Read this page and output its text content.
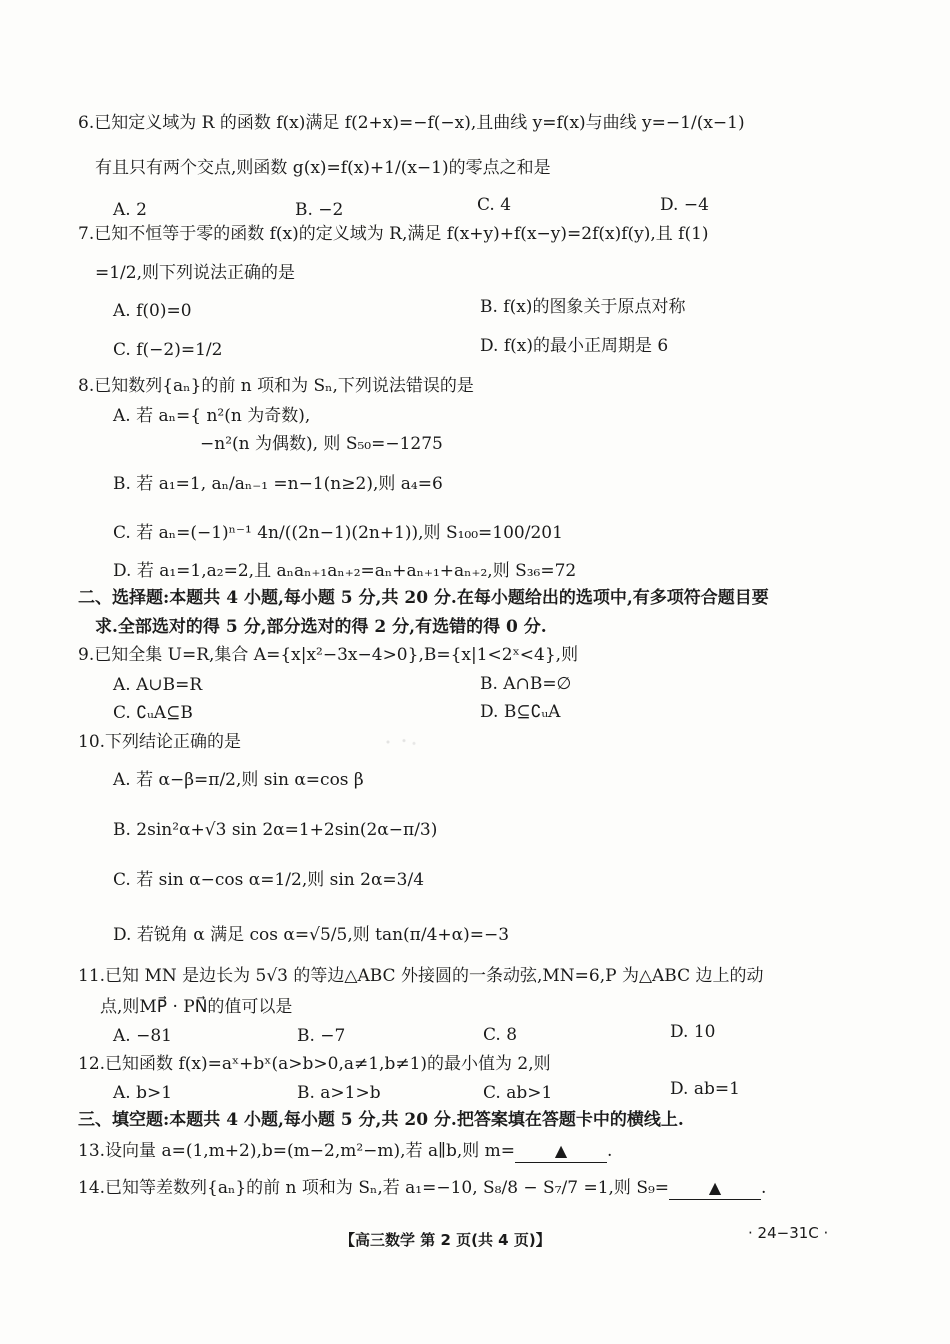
6.已知定义域为 R 的函数 f(x)满足 f(2+x)=−f(−x),且曲线 y=f(x)与曲线 y=−1/(x−1)
有且只有两个交点,则函数 g(x)=f(x)+1/(x−1)的零点之和是
A. 2	B. −2	C. 4	D. −4
7.已知不恒等于零的函数 f(x)的定义域为 R,满足 f(x+y)+f(x−y)=2f(x)f(y),且 f(1)
=1/2,则下列说法正确的是
A. f(0)=0	B. f(x)的图象关于原点对称
C. f(−2)=1/2	D. f(x)的最小正周期是 6
8.已知数列{aₙ}的前 n 项和为 Sₙ,下列说法错误的是
A. 若 aₙ={ n²(n 为奇数),
−n²(n 为偶数), 则 S₅₀=−1275
B. 若 a₁=1, aₙ/aₙ₋₁ =n−1(n≥2),则 a₄=6
C. 若 aₙ=(−1)ⁿ⁻¹ 4n/((2n−1)(2n+1)),则 S₁₀₀=100/201
D. 若 a₁=1,a₂=2,且 aₙaₙ₊₁aₙ₊₂=aₙ+aₙ₊₁+aₙ₊₂,则 S₃₆=72
二、选择题:本题共 4 小题,每小题 5 分,共 20 分.在每小题给出的选项中,有多项符合题目要
求.全部选对的得 5 分,部分选对的得 2 分,有选错的得 0 分.
9.已知全集 U=R,集合 A={x|x²−3x−4>0},B={x|1<2ˣ<4},则
A. A∪B=R	B. A∩B=∅
C. ∁ᵤA⊆B	D. B⊆∁ᵤA
10.下列结论正确的是
A. 若 α−β=π/2,则 sin α=cos β
B. 2sin²α+√3 sin 2α=1+2sin(2α−π/3)
C. 若 sin α−cos α=1/2,则 sin 2α=3/4
D. 若锐角 α 满足 cos α=√5/5,则 tan(π/4+α)=−3
11.已知 MN 是边长为 5√3 的等边△ABC 外接圆的一条动弦,MN=6,P 为△ABC 边上的动
点,则MP⃗ · PN⃗的值可以是
A. −81	B. −7	C. 8	D. 10
12.已知函数 f(x)=aˣ+bˣ(a>b>0,a≠1,b≠1)的最小值为 2,则
A. b>1	B. a>1>b	C. ab>1	D. ab=1
三、填空题:本题共 4 小题,每小题 5 分,共 20 分.把答案填在答题卡中的横线上.
13.设向量 a=(1,m+2),b=(m−2,m²−m),若 a∥b,则 m= ▲ .
14.已知等差数列{aₙ}的前 n 项和为 Sₙ,若 a₁=−10, S₈/8 − S₇/7 =1,则 S₉= ▲ .
【高三数学 第 2 页(共 4 页)】	· 24−31C ·
